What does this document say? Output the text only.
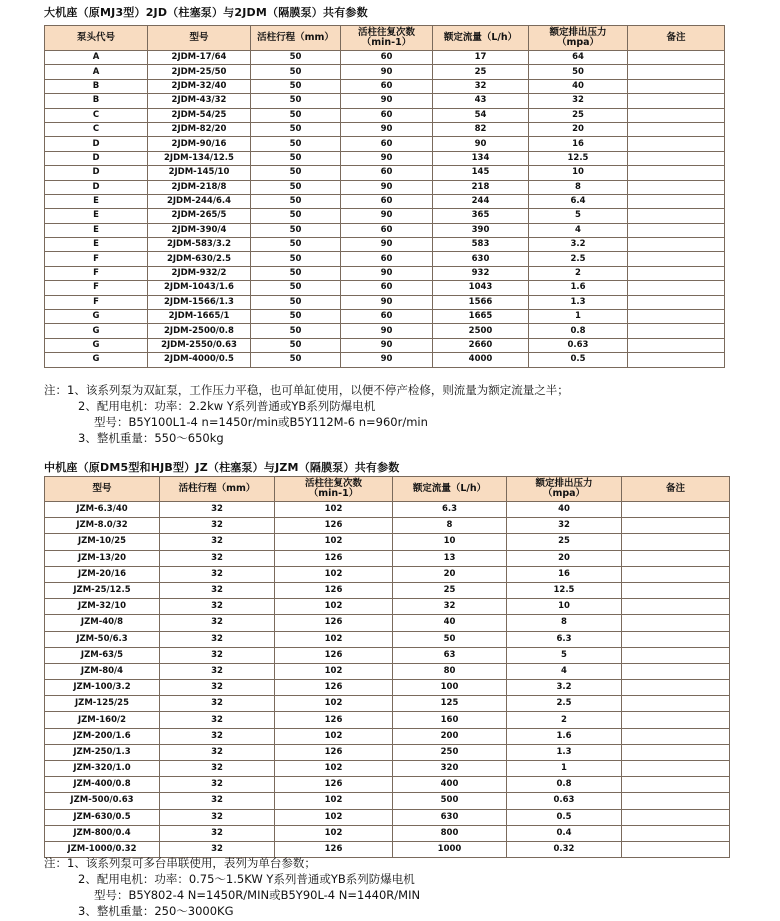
大机座（原MJ3型）2JD（柱塞泵）与2JDM（隔膜泵）共有参数
泵头代号	型号	活柱行程（mm）	活柱往复次数
（min-1）	额定流量（L/h）	额定排出压力
（mpa）	备注
A	2JDM-17/64	50	60	17	64	
A	2JDM-25/50	50	90	25	50	
B	2JDM-32/40	50	60	32	40	
B	2JDM-43/32	50	90	43	32	
C	2JDM-54/25	50	60	54	25	
C	2JDM-82/20	50	90	82	20	
D	2JDM-90/16	50	60	90	16	
D	2JDM-134/12.5	50	90	134	12.5	
D	2JDM-145/10	50	60	145	10	
D	2JDM-218/8	50	90	218	8	
E	2JDM-244/6.4	50	60	244	6.4	
E	2JDM-265/5	50	90	365	5	
E	2JDM-390/4	50	60	390	4	
E	2JDM-583/3.2	50	90	583	3.2	
F	2JDM-630/2.5	50	60	630	2.5	
F	2JDM-932/2	50	90	932	2	
F	2JDM-1043/1.6	50	60	1043	1.6	
F	2JDM-1566/1.3	50	90	1566	1.3	
G	2JDM-1665/1	50	60	1665	1	
G	2JDM-2500/0.8	50	90	2500	0.8	
G	2JDM-2550/0.63	50	90	2660	0.63	
G	2JDM-4000/0.5	50	90	4000	0.5	
注：1、该系列泵为双缸泵，工作压力平稳，也可单缸使用，以便不停产检修，则流量为额定流量之半；
2、配用电机：功率：2.2kw Y系列普通或YB系列防爆电机
型号：B5Y100L1-4 n=1450r/min或B5Y112M-6 n=960r/min
3、整机重量：550～650kg
中机座（原DM5型和HJB型）JZ（柱塞泵）与JZM（隔膜泵）共有参数
型号	活柱行程（mm）	活柱往复次数
（min-1）	额定流量（L/h）	额定排出压力
（mpa）	备注
JZM-6.3/40	32	102	6.3	40	
JZM-8.0/32	32	126	8	32	
JZM-10/25	32	102	10	25	
JZM-13/20	32	126	13	20	
JZM-20/16	32	102	20	16	
JZM-25/12.5	32	126	25	12.5	
JZM-32/10	32	102	32	10	
JZM-40/8	32	126	40	8	
JZM-50/6.3	32	102	50	6.3	
JZM-63/5	32	126	63	5	
JZM-80/4	32	102	80	4	
JZM-100/3.2	32	126	100	3.2	
JZM-125/25	32	102	125	2.5	
JZM-160/2	32	126	160	2	
JZM-200/1.6	32	102	200	1.6	
JZM-250/1.3	32	126	250	1.3	
JZM-320/1.0	32	102	320	1	
JZM-400/0.8	32	126	400	0.8	
JZM-500/0.63	32	102	500	0.63	
JZM-630/0.5	32	102	630	0.5	
JZM-800/0.4	32	102	800	0.4	
JZM-1000/0.32	32	126	1000	0.32	
注：1、该系列泵可多台串联使用，表列为单台参数；
2、配用电机：功率：0.75～1.5KW Y系列普通或YB系列防爆电机
型号：B5Y802-4 N=1450R/MIN或B5Y90L-4 N=1440R/MIN
3、整机重量：250～3000KG
